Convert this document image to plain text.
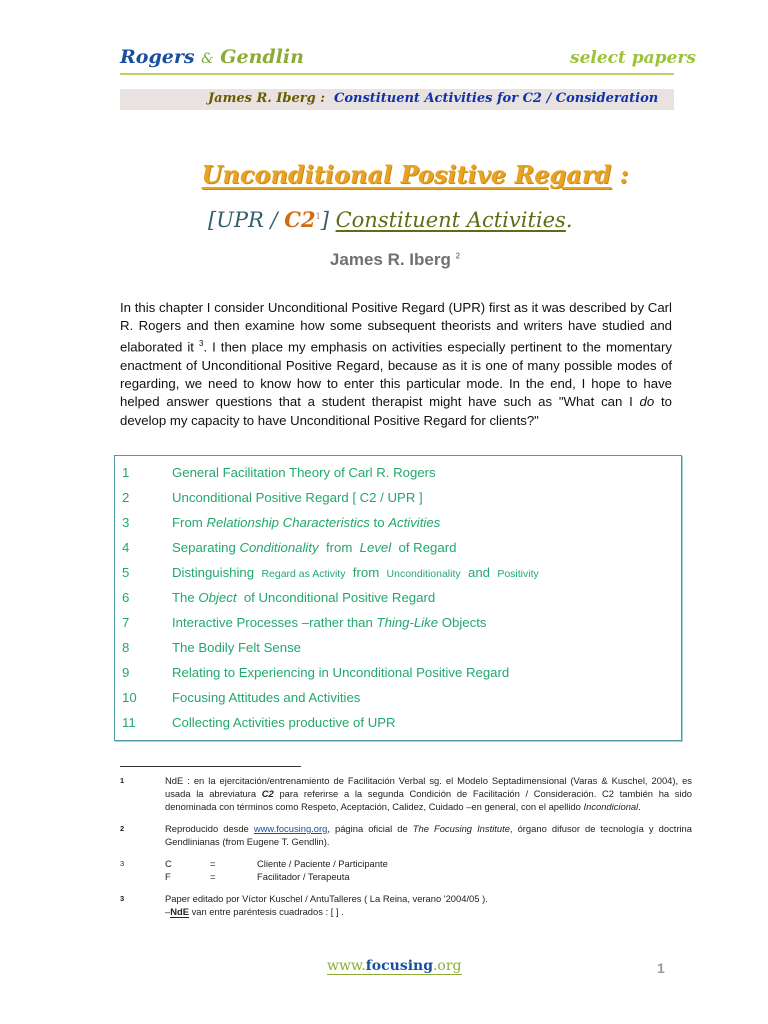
Rogers & Gendlin	select papers
James R. Iberg : Constituent Activities for C2 / Consideration
Unconditional Positive Regard :
$[UPR / C2^1]$ Constituent Activities.
James R. Iberg $^2$
In this chapter I consider Unconditional Positive Regard (UPR) first as it was described by Carl R. Rogers and then examine how some subsequent theorists and writers have studied and elaborated it $^3$. I then place my emphasis on activities especially pertinent to the momentary enactment of Unconditional Positive Regard, because as it is one of many possible modes of regarding, we need to know how to enter this particular mode. In the end, I hope to have helped answer questions that a student therapist might have such as "What can I do to develop my capacity to have Unconditional Positive Regard for clients?"
1	General Facilitation Theory of Carl R. Rogers
2	Unconditional Positive Regard [ C2 / UPR ]
3	From Relationship Characteristics to Activities
4	Separating Conditionality  from  Level  of Regard
5	Distinguishing  Regard as Activity  from  Unconditionality  and  Positivity
6	The Object  of Unconditional Positive Regard
7	Interactive Processes –rather than Thing-Like Objects
8	The Bodily Felt Sense
9	Relating to Experiencing in Unconditional Positive Regard
10	Focusing Attitudes and Activities
11	Collecting Activities productive of UPR
1	NdE : en la ejercitación/entrenamiento de Facilitación Verbal sg. el Modelo Septadimensional (Varas & Kuschel, 2004), es usada la abreviatura C2 para referirse a la segunda Condición de Facilitación / Consideración. C2 también ha sido denominada con términos como Respeto, Aceptación, Calidez, Cuidado –en general, con el apellido Incondicional.
2	Reproducido desde www.focusing.org, página oficial de The Focusing Institute, órgano difusor de tecnología y doctrina Gendlinianas (from Eugene T. Gendlin).
3	C	=	Cliente / Paciente / Participante
F	=	Facilitador / Terapeuta
3	Paper editado por Víctor Kuschel / AntuTalleres ( La Reina, verano '2004/05 ).
–NdE van entre paréntesis cuadrados : [ ] .
www.focusing.org	1
